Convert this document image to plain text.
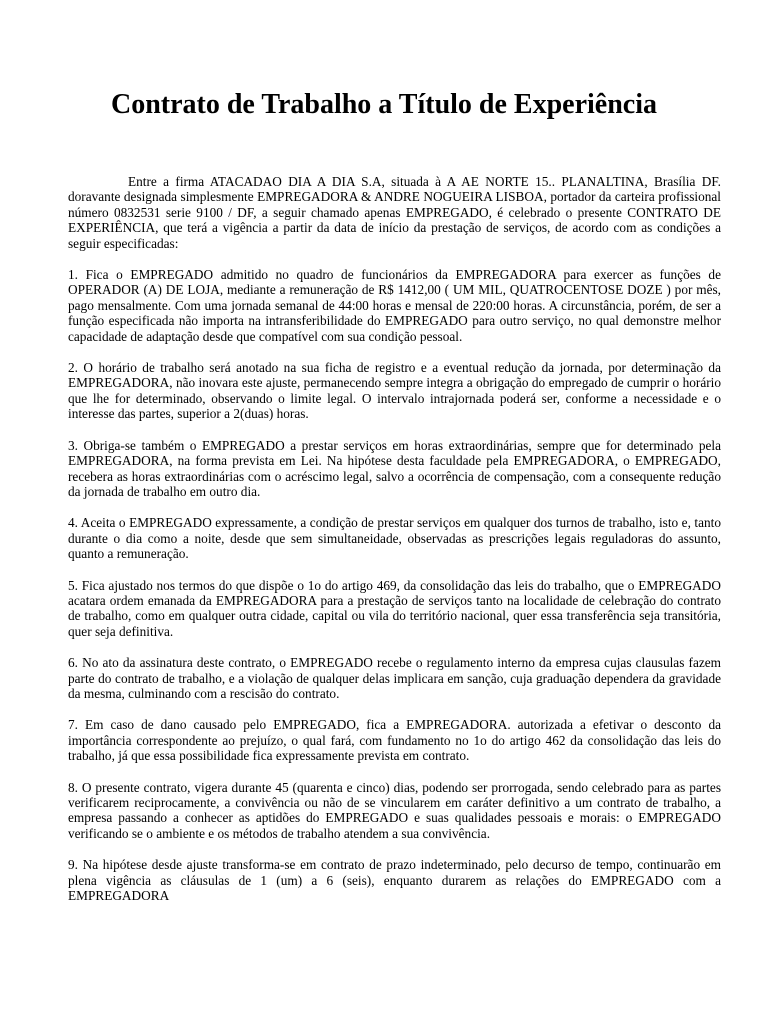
Contrato de Trabalho a Título de Experiência

Entre a firma ATACADAO DIA A DIA S.A, situada à A AE NORTE 15.. PLANALTINA, Brasília DF. doravante designada simplesmente EMPREGADORA & ANDRE NOGUEIRA LISBOA, portador da carteira profissional número 0832531 serie 9100 / DF, a seguir chamado apenas EMPREGADO, é celebrado o presente CONTRATO DE EXPERIÊNCIA, que terá a vigência a partir da data de início da prestação de serviços, de acordo com as condições a seguir especificadas:

1. Fica o EMPREGADO admitido no quadro de funcionários da EMPREGADORA para exercer as funções de OPERADOR (A) DE LOJA, mediante a remuneração de R$ 1412,00 ( UM MIL, QUATROCENTOSE DOZE ) por mês, pago mensalmente. Com uma jornada semanal de 44:00 horas e mensal de 220:00 horas. A circunstância, porém, de ser a função especificada não importa na intransferibilidade do EMPREGADO para outro serviço, no qual demonstre melhor capacidade de adaptação desde que compatível com sua condição pessoal.

2. O horário de trabalho será anotado na sua ficha de registro e a eventual redução da jornada, por determinação da EMPREGADORA, não inovara este ajuste, permanecendo sempre integra a obrigação do empregado de cumprir o horário que lhe for determinado, observando o limite legal. O intervalo intrajornada poderá ser, conforme a necessidade e o interesse das partes, superior a 2(duas) horas.

3. Obriga-se também o EMPREGADO a prestar serviços em horas extraordinárias, sempre que for determinado pela EMPREGADORA, na forma prevista em Lei. Na hipótese desta faculdade pela EMPREGADORA, o EMPREGADO, recebera as horas extraordinárias com o acréscimo legal, salvo a ocorrência de compensação, com a consequente redução da jornada de trabalho em outro dia.

4. Aceita o EMPREGADO expressamente, a condição de prestar serviços em qualquer dos turnos de trabalho, isto e, tanto durante o dia como a noite, desde que sem simultaneidade, observadas as prescrições legais reguladoras do assunto, quanto a remuneração.

5. Fica ajustado nos termos do que dispõe o 1o do artigo 469, da consolidação das leis do trabalho, que o EMPREGADO acatara ordem emanada da EMPREGADORA para a prestação de serviços tanto na localidade de celebração do contrato de trabalho, como em qualquer outra cidade, capital ou vila do território nacional, quer essa transferência seja transitória, quer seja definitiva.

6. No ato da assinatura deste contrato, o EMPREGADO recebe o regulamento interno da empresa cujas clausulas fazem parte do contrato de trabalho, e a violação de qualquer delas implicara em sanção, cuja graduação dependera da gravidade da mesma, culminando com a rescisão do contrato.

7. Em caso de dano causado pelo EMPREGADO, fica a EMPREGADORA. autorizada a efetivar o desconto da importância correspondente ao prejuízo, o qual fará, com fundamento no 1o do artigo 462 da consolidação das leis do trabalho, já que essa possibilidade fica expressamente prevista em contrato.

8. O presente contrato, vigera durante 45 (quarenta e cinco) dias, podendo ser prorrogada, sendo celebrado para as partes verificarem reciprocamente, a convivência ou não de se vincularem em caráter definitivo a um contrato de trabalho, a empresa passando a conhecer as aptidões do EMPREGADO e suas qualidades pessoais e morais: o EMPREGADO verificando se o ambiente e os métodos de trabalho atendem a sua convivência.

9. Na hipótese desde ajuste transforma-se em contrato de prazo indeterminado, pelo decurso de tempo, continuarão em plena vigência as cláusulas de 1 (um) a 6 (seis), enquanto durarem as relações do EMPREGADO com a EMPREGADORA
